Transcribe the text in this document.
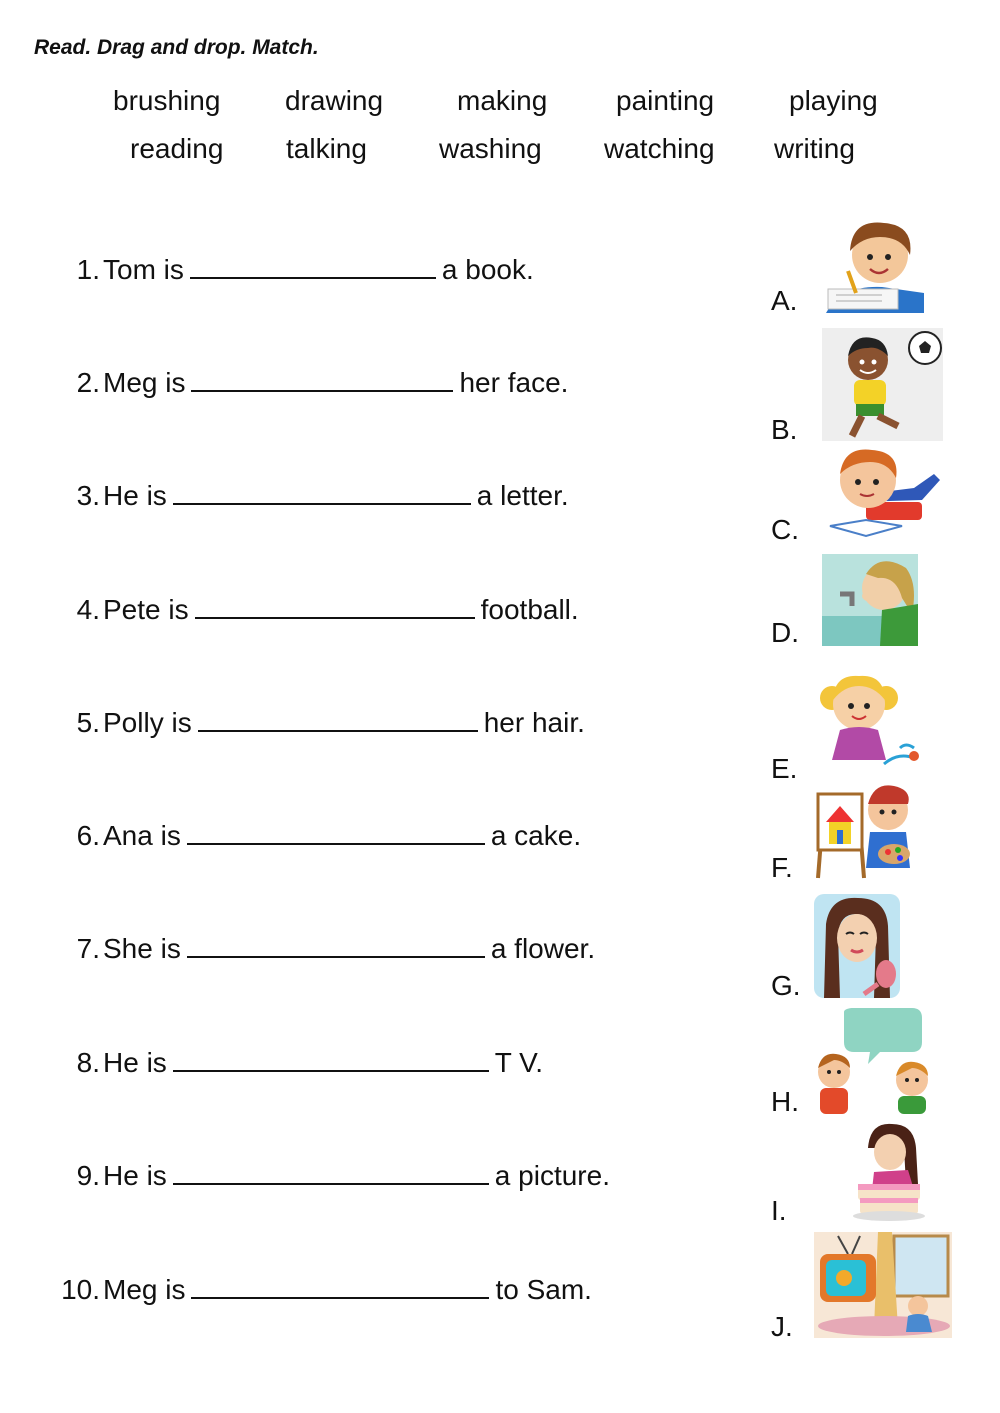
Read. Drag and drop. Match.
brushing drawing	making painting	playing
reading talking	washing watching writing
1. Tom is	a book.
2. Meg is	her face.
3. He is	a letter.
4. Pete is	football.
5. Polly is	her hair.
6. Ana is	a cake.
7. She is	a flower.
8. He is	T V.
9. He is	a picture.
10. Meg is	to Sam.
A.
B.
C.
D.
E.
F.
G.
H.
I.
J.
